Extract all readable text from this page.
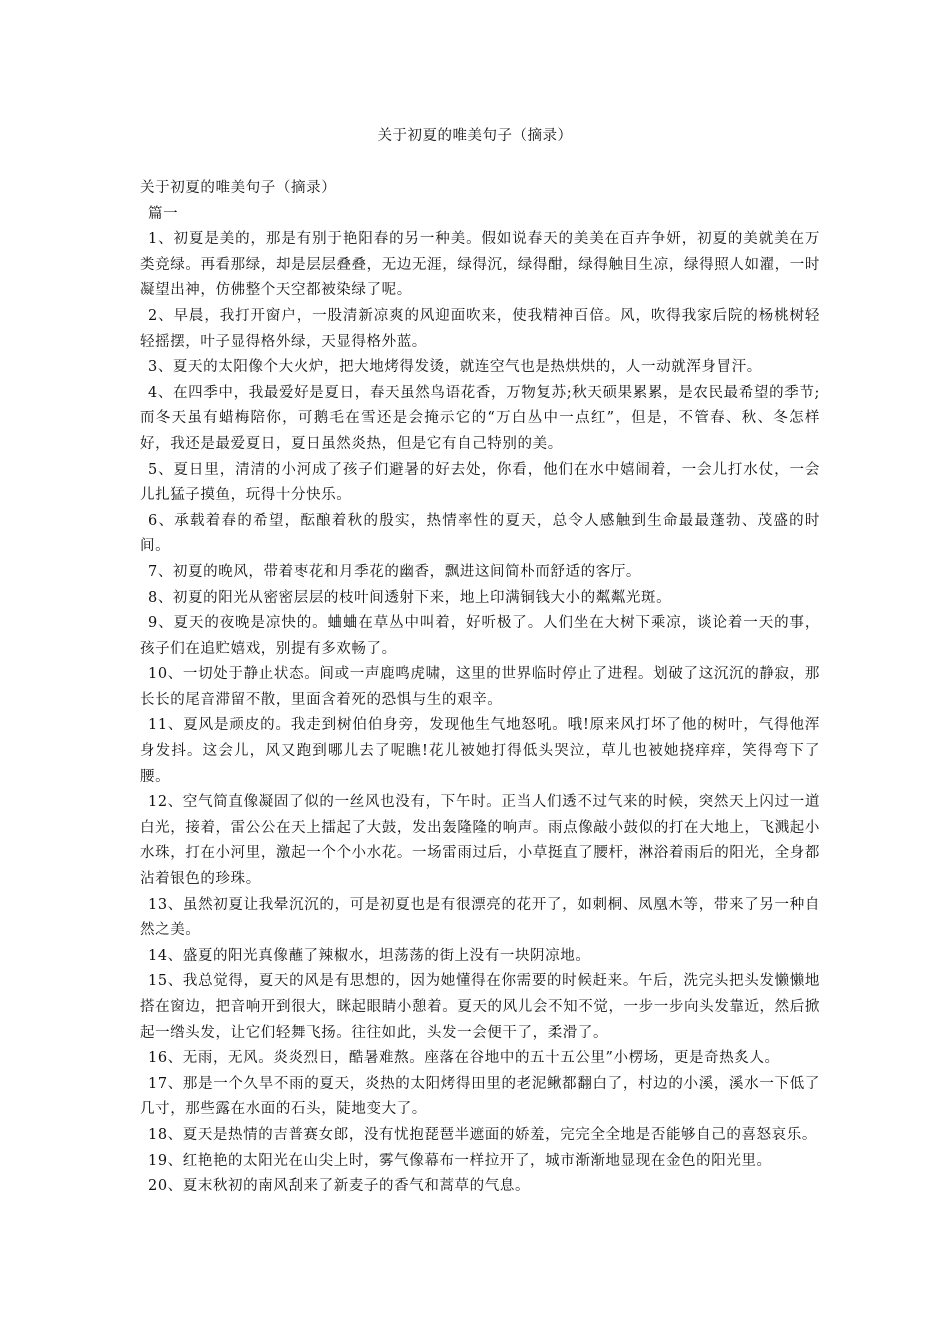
关于初夏的唯美句子（摘录）

关于初夏的唯美句子（摘录）

篇一

1、初夏是美的，那是有别于艳阳春的另一种美。假如说春天的美美在百卉争妍，初夏的美就美在万类竞绿。再看那绿，却是层层叠叠，无边无涯，绿得沉，绿得酣，绿得触目生凉，绿得照人如濯，一时凝望出神，仿佛整个天空都被染绿了呢。

2、早晨，我打开窗户，一股清新凉爽的风迎面吹来，使我精神百倍。风，吹得我家后院的杨桃树轻轻摇摆，叶子显得格外绿，天显得格外蓝。

3、夏天的太阳像个大火炉，把大地烤得发烫，就连空气也是热烘烘的，人一动就浑身冒汗。

4、在四季中，我最爱好是夏日，春天虽然鸟语花香，万物复苏;秋天硕果累累，是农民最希望的季节;而冬天虽有蜡梅陪你，可鹅毛在雪还是会掩示它的“万白丛中一点红”，但是，不管春、秋、冬怎样好，我还是最爱夏日，夏日虽然炎热，但是它有自己特别的美。

5、夏日里，清清的小河成了孩子们避暑的好去处，你看，他们在水中嬉闹着，一会儿打水仗，一会儿扎猛子摸鱼，玩得十分快乐。

6、承载着春的希望，酝酿着秋的殷实，热情率性的夏天，总令人感触到生命最最蓬勃、茂盛的时间。

7、初夏的晚风，带着枣花和月季花的幽香，飘进这间简朴而舒适的客厅。

8、初夏的阳光从密密层层的枝叶间透射下来，地上印满铜钱大小的粼粼光斑。

9、夏天的夜晚是凉快的。蛐蛐在草丛中叫着，好听极了。人们坐在大树下乘凉，谈论着一天的事，孩子们在追贮嬉戏，别提有多欢畅了。

10、一切处于静止状态。间或一声鹿鸣虎啸，这里的世界临时停止了进程。划破了这沉沉的静寂，那长长的尾音滞留不散，里面含着死的恐惧与生的艰辛。

11、夏风是顽皮的。我走到树伯伯身旁，发现他生气地怒吼。哦!原来风打坏了他的树叶，气得他浑身发抖。这会儿，风又跑到哪儿去了呢瞧!花儿被她打得低头哭泣，草儿也被她挠痒痒，笑得弯下了腰。

12、空气简直像凝固了似的一丝风也没有，下午时。正当人们透不过气来的时候，突然天上闪过一道白光，接着，雷公公在天上擂起了大鼓，发出轰隆隆的响声。雨点像敲小鼓似的打在大地上，飞溅起小水珠，打在小河里，激起一个个小水花。一场雷雨过后，小草挺直了腰杆，淋浴着雨后的阳光，全身都沾着银色的珍珠。

13、虽然初夏让我晕沉沉的，可是初夏也是有很漂亮的花开了，如刺桐、凤凰木等，带来了另一种自然之美。

14、盛夏的阳光真像蘸了辣椒水，坦荡荡的街上没有一块阴凉地。

15、我总觉得，夏天的风是有思想的，因为她懂得在你需要的时候赶来。午后，洗完头把头发懒懒地搭在窗边，把音响开到很大，眯起眼睛小憩着。夏天的风儿会不知不觉，一步一步向头发靠近，然后掀起一绺头发，让它们轻舞飞扬。往往如此，头发一会便干了，柔滑了。

16、无雨，无风。炎炎烈日，酷暑难熬。座落在谷地中的五十五公里”小楞场，更是奇热炙人。

17、那是一个久旱不雨的夏天，炎热的太阳烤得田里的老泥鳅都翻白了，村边的小溪，溪水一下低了几寸，那些露在水面的石头，陡地变大了。

18、夏天是热情的吉普赛女郎，没有忧抱琵琶半遮面的娇羞，完完全全地是否能够自己的喜怒哀乐。

19、红艳艳的太阳光在山尖上时，雾气像幕布一样拉开了，城市渐渐地显现在金色的阳光里。

20、夏末秋初的南风刮来了新麦子的香气和蒿草的气息。
